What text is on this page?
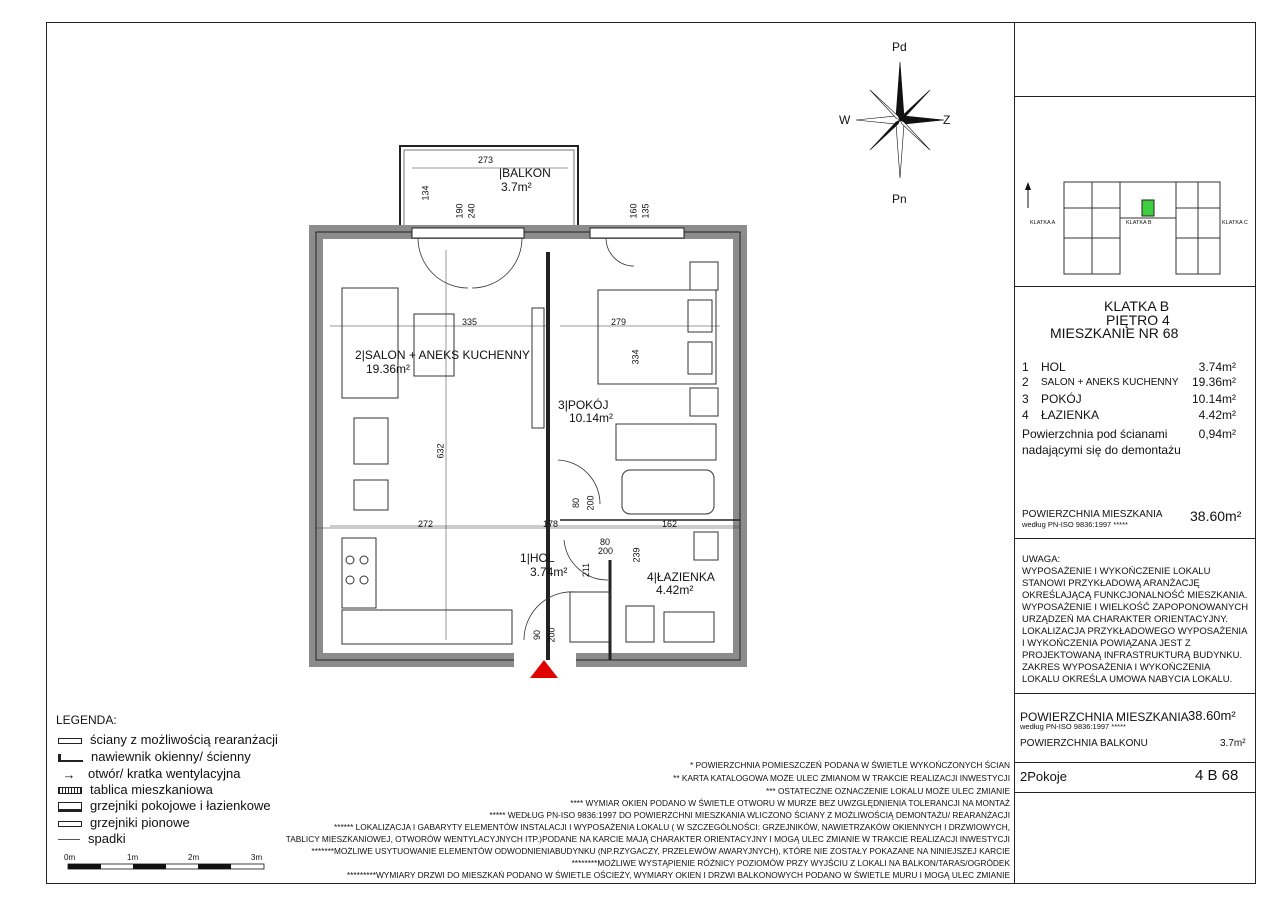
Pd
Pn
W	Z
KLATKA A	KLATKA B	KLATKA C
KLATKA B
PIĘTRO 4
MIESZKANIE NR 68
1 HOL	3.74m²
2 SALON + ANEKS KUCHENNY	19.36m²
3 POKÓJ	10.14m²
4 ŁAZIENKA	4.42m²
Powierzchnia pod ścianami
nadającymi się do demontażu
0,94m²
POWIERZCHNIA MIESZKANIA
według PN-ISO 9836:1997 *****
38.60m²
UWAGA:
WYPOSAŻENIE I WYKOŃCZENIE LOKALU STANOWI PRZYKŁADOWĄ ARANŻACJĘ OKREŚLAJĄCĄ FUNKCJONALNOŚĆ MIESZKANIA. WYPOSAŻENIE I WIELKOŚĆ ZAPOPONOWANYCH URZĄDZEŃ MA CHARAKTER ORIENTACYJNY. LOKALIZACJA PRZYKŁADOWEGO WYPOSAŻENIA I WYKOŃCZENIA POWIĄZANA JEST Z PROJEKTOWANĄ INFRASTRUKTURĄ BUDYNKU. ZAKRES WYPOSAŻENIA I WYKOŃCZENIA LOKALU OKREŚLA UMOWA NABYCIA LOKALU.
POWIERZCHNIA MIESZKANIA 38.60m²
według PN-ISO 9836:1997 *****
POWIERZCHNIA BALKONU	3.7m²
2Pokoje	4 B 68
2|SALON + ANEKS KUCHENNY
19.36m²
3|POKÓJ
10.14m²
1|HOL
3.74m²	4|ŁAZIENKA
4.42m²
|BALKON
3.7m²
273
134
190 240	160 135
335	279
334
632
272	178	162
80 200
80
200 239
211
90 200
LEGENDA:
ściany z możliwością rearanżacji
nawiewnik okienny/ ścienny
→ otwór/ kratka wentylacyjna
tablica mieszkaniowa
grzejniki pokojowe i łazienkowe
grzejniki pionowe
spadki
0m	1m	2m	3m
* POWIERZCHNIA POMIESZCZEŃ PODANA W ŚWIETLE WYKOŃCZONYCH ŚCIAN
** KARTA KATALOGOWA MOŻE ULEC ZMIANOM W TRAKCIE REALIZACJI INWESTYCJI
*** OSTATECZNE OZNACZENIE LOKALU MOŻE ULEC ZMIANIE
**** WYMIAR OKIEN PODANO W ŚWIETLE OTWORU W MURZE BEZ UWZGLĘDNIENIA TOLERANCJI NA MONTAŻ
***** WEDŁUG PN-ISO 9836:1997 DO POWIERZCHNI MIESZKANIA WLICZONO ŚCIANY Z MOŻLIWOŚCIĄ DEMONTAŻU/ REARANŻACJI
****** LOKALIZACJA I GABARYTY ELEMENTÓW INSTALACJI I WYPOSAŻENIA LOKALU ( W SZCZEGÓLNOŚCI: GRZEJNIKÓW, NAWIETRZAKÓW OKIENNYCH I DRZWIOWYCH,
TABLICY MIESZKANIOWEJ, OTWORÓW WENTYLACYJNYCH ITP.)PODANE NA KARCIE MAJĄ CHARAKTER ORIENTACYJNY I MOGĄ ULEC ZMIANIE W TRAKCIE REALIZACJI INWESTYCJI
*******MOŻLIWE USYTUOWANIE ELEMENTÓW ODWODNIENIABUDYNKU (NP.RZYGACZY, PRZELEWÓW AWARYJNYCH), KTÓRE NIE ZOSTAŁY POKAZANE NA NINIEJSZEJ KARCIE
********MOŻLIWE WYSTĄPIENIE RÓŻNICY POZIOMÓW PRZY WYJŚCIU Z LOKALI NA BALKON/TARAS/OGRÓDEK
*********WYMIARY DRZWI DO MIESZKAŃ PODANO W ŚWIETLE OŚCIEŻY, WYMIARY OKIEN I DRZWI BALKONOWYCH PODANO W ŚWIETLE MURU I MOGĄ ULEC ZMIANIE
